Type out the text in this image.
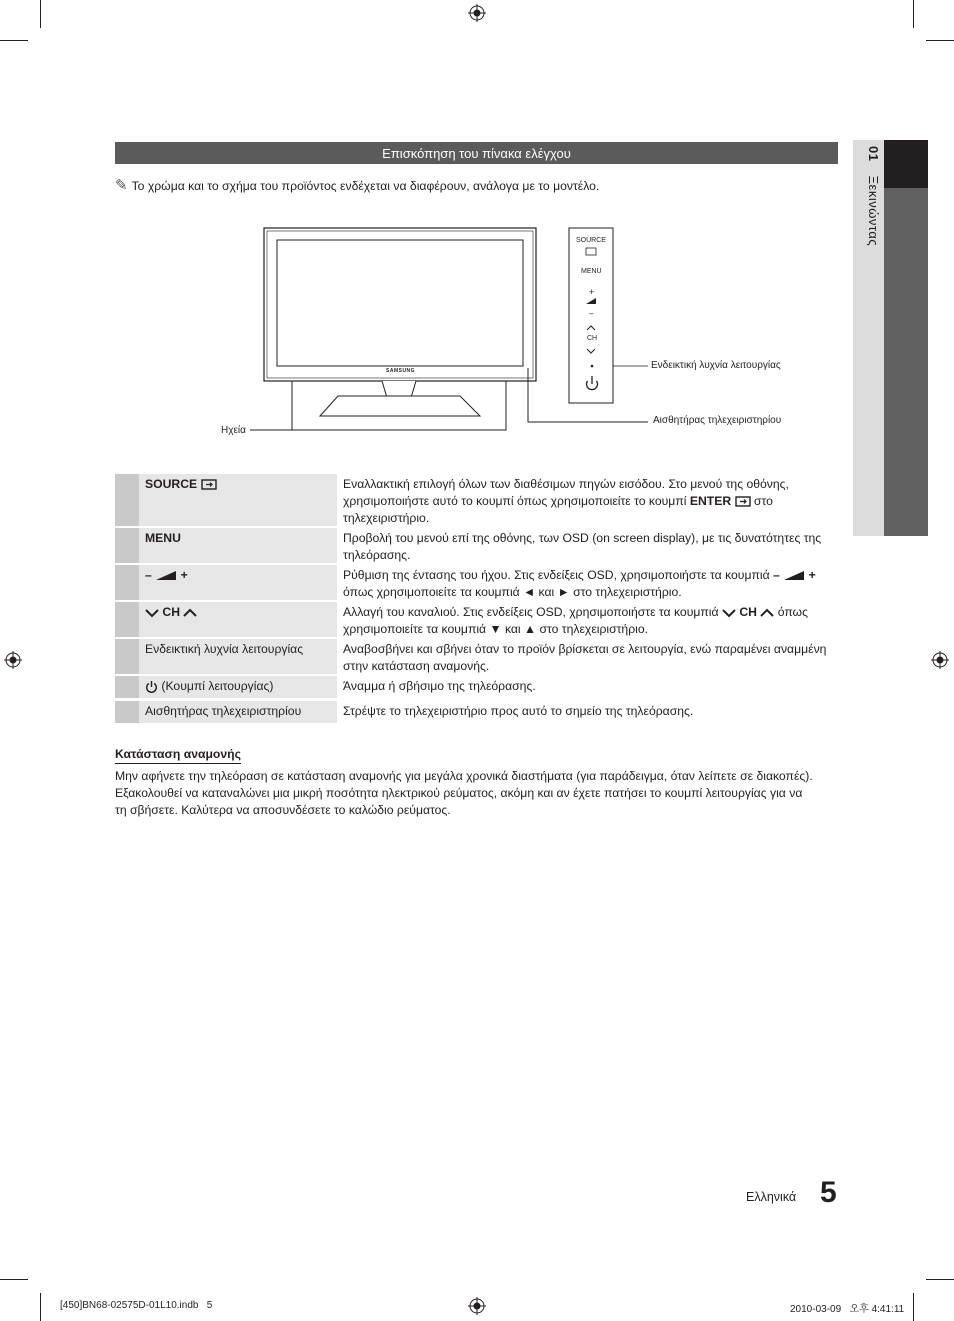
01 Ξεκινώντας
Επισκόπηση του πίνακα ελέγχου
✎ Το χρώμα και το σχήμα του προϊόντος ενδέχεται να διαφέρουν, ανάλογα με το μοντέλο.
SAMSUNG
SOURCE
MENU
+
–
CH
Ενδεικτική λυχνία λειτουργίας
Αισθητήρας τηλεχειριστηρίου
Ηχεία
SOURCE	Εναλλακτική επιλογή όλων των διαθέσιμων πηγών εισόδου. Στο μενού της οθόνης, χρησιμοποιήστε αυτό το κουμπί όπως χρησιμοποιείτε το κουμπί ENTER  στο τηλεχειριστήριο.
MENU	Προβολή του μενού επί της οθόνης, των OSD (on screen display), με τις δυνατότητες της τηλεόρασης.
– +	Ρύθμιση της έντασης του ήχου. Στις ενδείξεις OSD, χρησιμοποιήστε τα κουμπιά – + όπως χρησιμοποιείτε τα κουμπιά ◄ και ► στο τηλεχειριστήριο.
CH	Αλλαγή του καναλιού. Στις ενδείξεις OSD, χρησιμοποιήστε τα κουμπιά  CH  όπως χρησιμοποιείτε τα κουμπιά ▼ και ▲ στο τηλεχειριστήριο.
Ενδεικτική λυχνία λειτουργίας	Αναβοσβήνει και σβήνει όταν το προϊόν βρίσκεται σε λειτουργία, ενώ παραμένει αναμμένη στην κατάσταση αναμονής.
(Κουμπί λειτουργίας)	Άναμμα ή σβήσιμο της τηλεόρασης.
Αισθητήρας τηλεχειριστηρίου	Στρέψτε το τηλεχειριστήριο προς αυτό το σημείο της τηλεόρασης.
Κατάσταση αναμονής
Μην αφήνετε την τηλεόραση σε κατάσταση αναμονής για μεγάλα χρονικά διαστήματα (για παράδειγμα, όταν λείπετε σε διακοπές). Εξακολουθεί να καταναλώνει μια μικρή ποσότητα ηλεκτρικού ρεύματος, ακόμη και αν έχετε πατήσει το κουμπί λειτουργίας για να τη σβήσετε. Καλύτερα να αποσυνδέσετε το καλώδιο ρεύματος.
Ελληνικά 5
[450]BN68-02575D-01L10.indb   5	2010-03-09   오후 4:41:11
